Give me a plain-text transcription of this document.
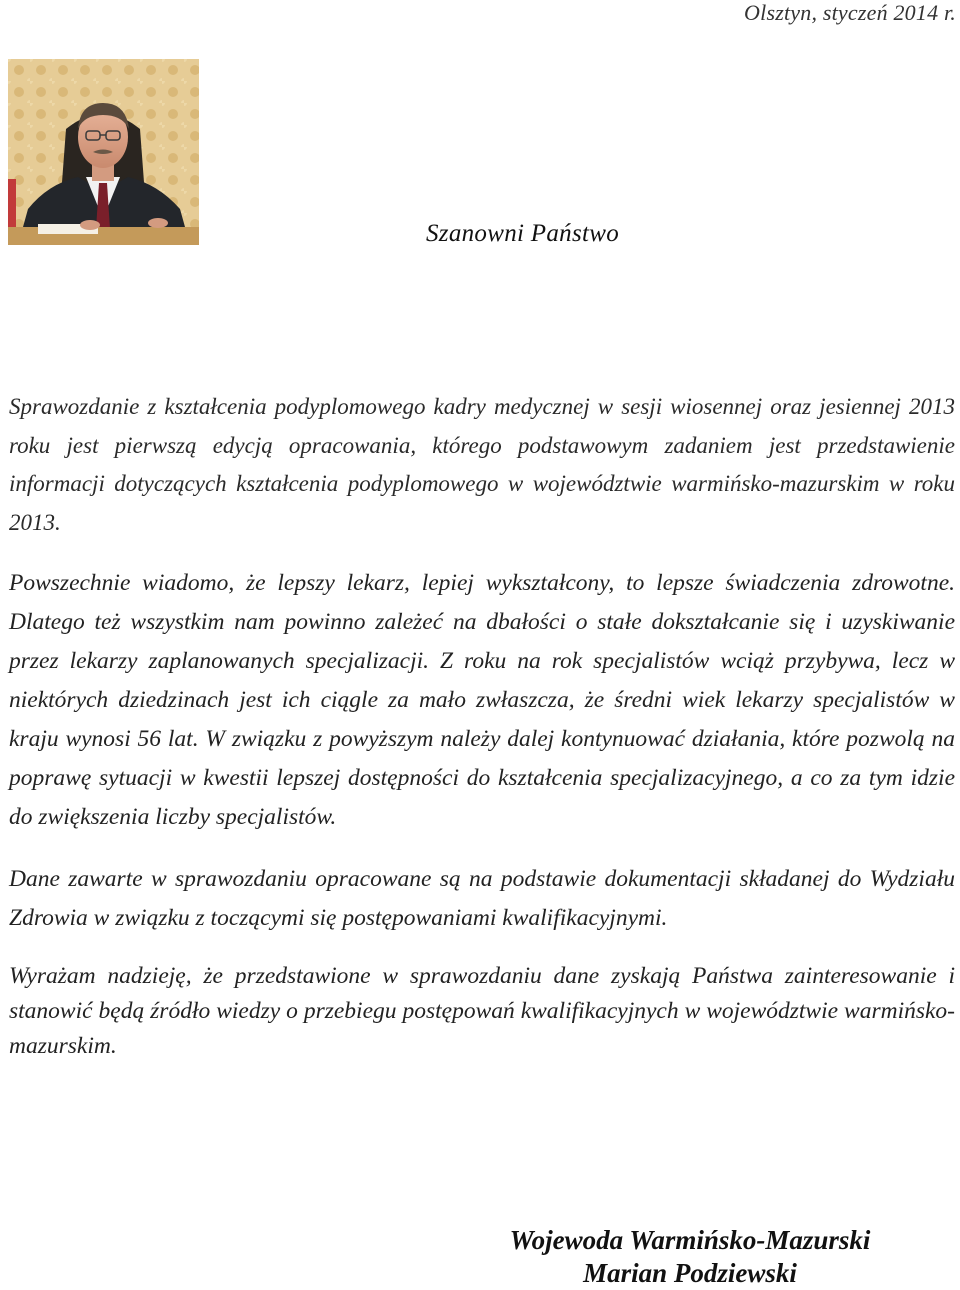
Olsztyn, styczeń 2014 r.
Szanowni Państwo

Sprawozdanie z kształcenia podyplomowego kadry medycznej w sesji wiosennej oraz jesiennej 2013 roku jest pierwszą edycją opracowania, którego podstawowym zadaniem jest przedstawienie informacji dotyczących kształcenia podyplomowego w województwie warmińsko-mazurskim w roku 2013.

Powszechnie wiadomo, że lepszy lekarz, lepiej wykształcony, to lepsze świadczenia zdrowotne. Dlatego też wszystkim nam powinno zależeć na dbałości o stałe dokształcanie się i uzyskiwanie przez lekarzy zaplanowanych specjalizacji. Z roku na rok specjalistów wciąż przybywa, lecz w niektórych dziedzinach jest ich ciągle za mało zwłaszcza, że średni wiek lekarzy specjalistów w kraju wynosi 56 lat. W związku z powyższym należy dalej kontynuować działania, które pozwolą na poprawę sytuacji w kwestii lepszej dostępności do kształcenia specjalizacyjnego, a co za tym idzie do zwiększenia liczby specjalistów.

Dane zawarte w sprawozdaniu opracowane są na podstawie dokumentacji składanej do Wydziału Zdrowia w związku z toczącymi się postępowaniami kwalifikacyjnymi.

Wyrażam nadzieję, że przedstawione w sprawozdaniu dane zyskają Państwa zainteresowanie i stanowić będą źródło wiedzy o przebiegu postępowań kwalifikacyjnych w województwie warmińsko-mazurskim.

Wojewoda Warmińsko-Mazurski
Marian Podziewski
